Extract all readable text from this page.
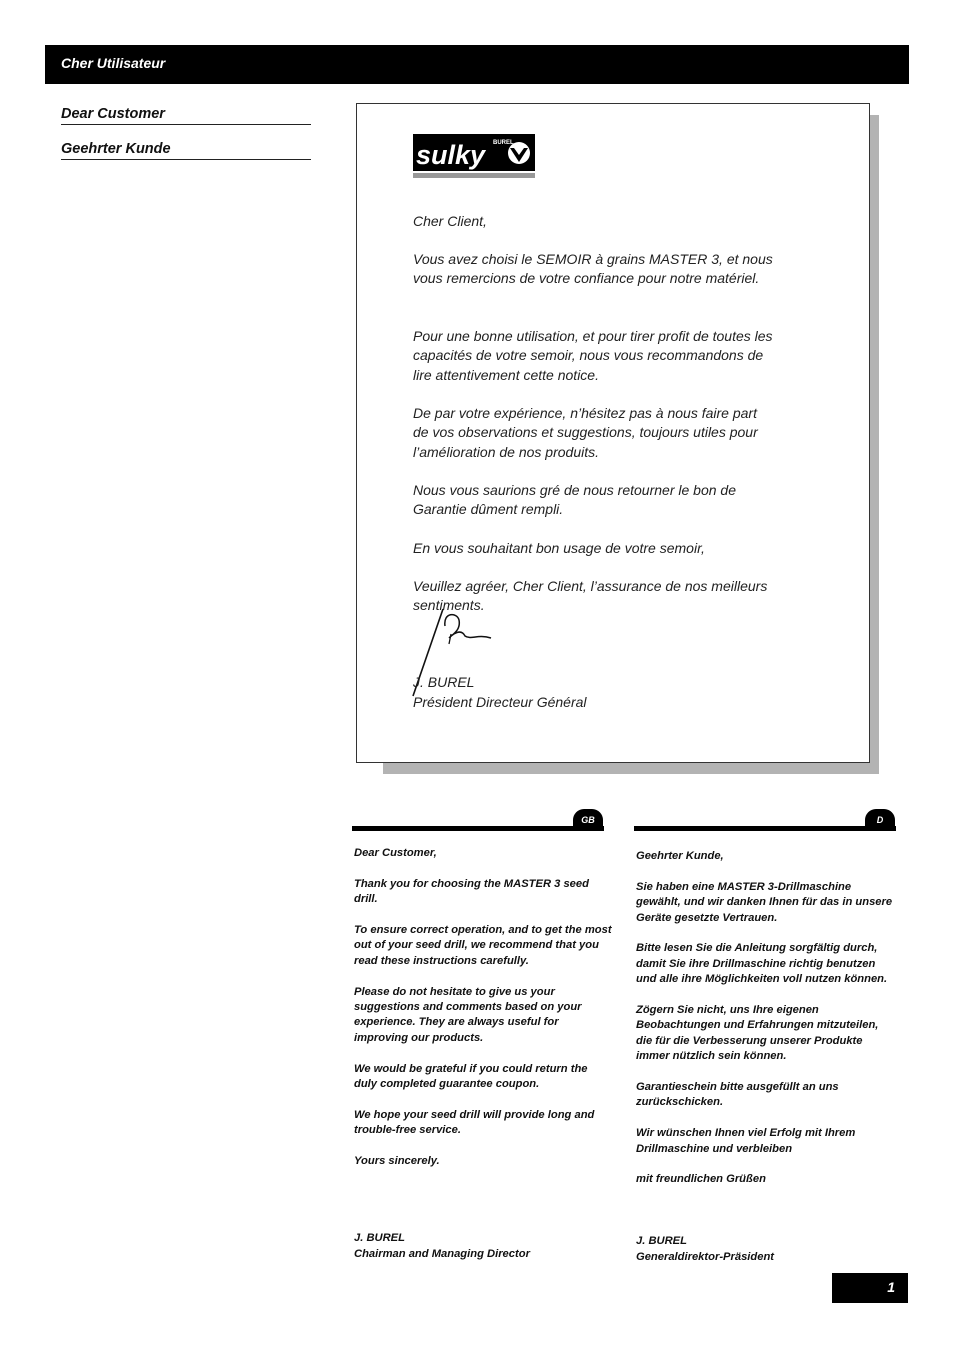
Cher Utilisateur
Dear Customer
Geehrter Kunde	sulky	BUREL
Cher Client,
Vous avez choisi le SEMOIR à grains MASTER 3, et nous vous remercions de votre confiance pour notre matériel.
Pour une bonne utilisation, et pour tirer profit de toutes les capacités de votre semoir, nous vous recommandons de lire attentivement cette notice.
De par votre expérience, n’hésitez pas à nous faire part de vos observations et suggestions, toujours utiles pour l’amélioration de nos produits.
Nous vous saurions gré de nous retourner le bon de Garantie dûment rempli.
En vous souhaitant bon usage de votre semoir,
Veuillez agréer, Cher Client, l’assurance de nos meilleurs sentiments.
J. BUREL
Président Directeur Général
GB

Dear Customer,

Thank you for choosing the MASTER 3 seed drill.

To ensure correct operation, and to get the most out of your seed drill, we recommend that you read these instructions carefully.

Please do not hesitate to give us your suggestions and comments based on your experience. They are always useful for improving our products.

We would be grateful if you could return the duly completed guarantee coupon.

We hope your seed drill will provide long and trouble-free service.

Yours sincerely.

J. BUREL
Chairman and Managing Director
D

Geehrter Kunde,

Sie haben eine MASTER 3-Drillmaschine gewählt, und wir danken Ihnen für das in unsere Geräte gesetzte Vertrauen.

Bitte lesen Sie die Anleitung sorgfältig durch, damit Sie ihre Drillmaschine richtig benutzen und alle ihre Möglichkeiten voll nutzen können.

Zögern Sie nicht, uns Ihre eigenen Beobachtungen und Erfahrungen mitzuteilen, die für die Verbesserung unserer Produkte immer nützlich sein können.

Garantieschein bitte ausgefüllt an uns zurückschicken.

Wir wünschen Ihnen viel Erfolg mit Ihrem Drillmaschine und verbleiben

mit freundlichen Grüßen

J. BUREL
Generaldirektor-Präsident
1
